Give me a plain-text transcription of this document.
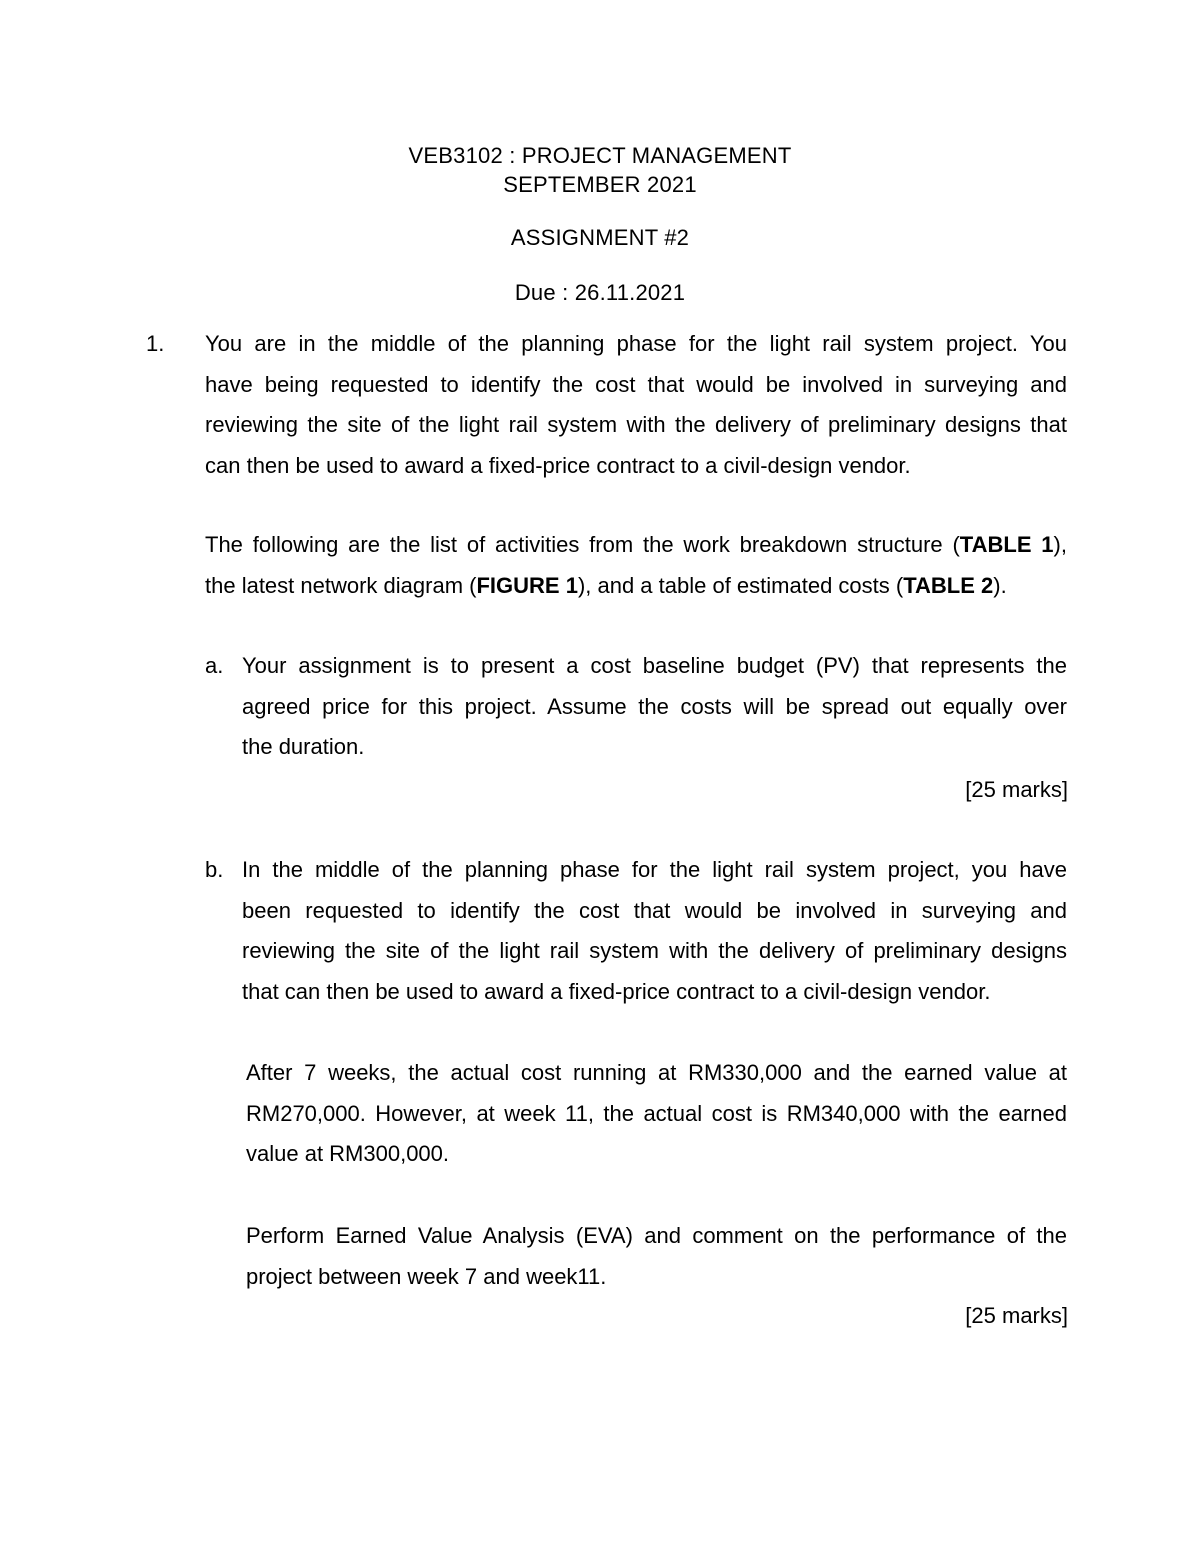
VEB3102 : PROJECT MANAGEMENT
SEPTEMBER 2021
ASSIGNMENT #2
Due : 26.11.2021
1. You are in the middle of the planning phase for the light rail system project. You
have being requested to identify the cost that would be involved in surveying and
reviewing the site of the light rail system with the delivery of preliminary designs that
can then be used to award a fixed-price contract to a civil-design vendor.
The following are the list of activities from the work breakdown structure (TABLE 1),
the latest network diagram (FIGURE 1), and a table of estimated costs (TABLE 2).
a. Your assignment is to present a cost baseline budget (PV) that represents the
agreed price for this project. Assume the costs will be spread out equally over
the duration.
[25 marks]
b. In the middle of the planning phase for the light rail system project, you have
been requested to identify the cost that would be involved in surveying and
reviewing the site of the light rail system with the delivery of preliminary designs
that can then be used to award a fixed-price contract to a civil-design vendor.
After 7 weeks, the actual cost running at RM330,000 and the earned value at
RM270,000. However, at week 11, the actual cost is RM340,000 with the earned
value at RM300,000.
Perform Earned Value Analysis (EVA) and comment on the performance of the
project between week 7 and week11.
[25 marks]
